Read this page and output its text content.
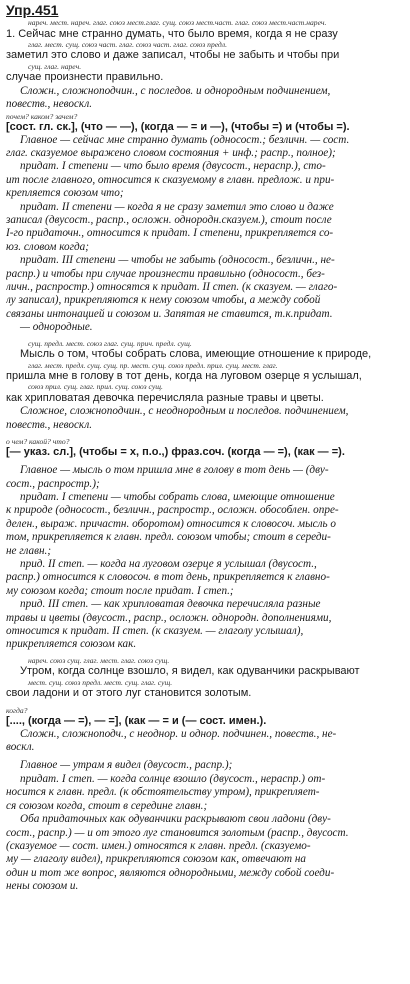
Упр.451
нареч. мест. нареч. глаг. союз мест.глаг. сущ. союз мест.част. глаг. союз мест.част.нареч.
1. Сейчас мне странно думать, что было время, когда я не сразу
глаг. мест. сущ. союз част. глаг. союз част. глаг. союз предл.
заметил это слово и даже записал, чтобы не забыть и чтобы при
сущ. глаг. нареч.
случае произнести правильно.
Сложн., сложноподчин., с последов. и однородным подчинением,
повеств., невоскл.
почем? каком? зачем?
[сост. гл. ск.], (что — —), (когда — = и —), (чтобы =) и (чтобы =).
Главное — сейчас мне странно думать (односост.; безличн. — сост.
глаг. сказуемое выражено словом состояния + инф.; распр., полное);
придат. I степени — что было время (двусост., нераспр.), сто-
ит после главного, относится к сказуемому в главн. предлож. и при-
крепляется союзом что;
придат. II степени — когда я не сразу заметил это слово и даже
записал (двусост., распр., осложн. однородн.сказуем.), стоит после
I-го придаточн., относится к придат. I степени, прикрепляется со-
юз. словом когда;
придат. III степени — чтобы не забыть (односост., безличн., не-
распр.) и чтобы при случае произнести правильно (односост., без-
личн., распростр.) относятся к придат. II степ. (к сказуем. — глаго-
лу записал), прикрепляются к нему союзом чтобы, а между собой
связаны интонацией и союзом и. Запятая не ставится, т.к.придат.
— однородные.
сущ. предл. мест. союз глаг. сущ. прич. предл. сущ.
Мысль о том, чтобы собрать слова, имеющие отношение к природе,
глаг. мест. предл. сущ. сущ. пр. мест. сущ. союз предл. прил. сущ. мест. глаг.
пришла мне в голову в тот день, когда на луговом озерце я услышал,
союз прил. сущ. глаг. прил. сущ. союз сущ.
как хрипловатая девочка перечисляла разные травы и цветы.
Сложное, сложноподчин., с неоднородным и последов. подчинением,
повеств., невоскл.
о чем? какой? что?
[— указ. сл.], (чтобы = x, п.о.,) фраз.соч. (когда — =), (как — =).
Главное — мысль о том пришла мне в голову в тот день — (дву-
сост., распростр.);
придат. I степени — чтобы собрать слова, имеющие отношение
к природе (односост., безличн., распростр., осложн. обособлен. опре-
делен., выраж. причастн. оборотом) относится к словосоч. мысль о
том, прикрепляется к главн. предл. союзом чтобы; стоит в середи-
не главн.;
прид. II степ. — когда на луговом озерце я услышал (двусост.,
распр.) относится к словосоч. в тот день, прикрепляется к главно-
му союзом когда; стоит после придат. I степ.;
прид. III степ. — как хрипловатая девочка перечисляла разные
травы и цветы (двусост., распр., осложн. однородн. дополнениями,
относится к придат. II степ. (к сказуем. — глаголу услышал),
прикрепляется союзом как.
нареч. союз сущ. глаг. мест. глаг. союз сущ.
Утром, когда солнце взошло, я видел, как одуванчики раскрывают
мест. сущ. союз предл. мест. сущ. глаг. сущ.
свои ладони и от этого луг становится золотым.
когда?
[...., (когда — =), — =], (как — = и (— сост. имен.).
Сложн., сложноподч., с неоднор. и однор. подчинен., повеств., не-
воскл.
Главное — утрам я видел (двусост., распр.);
придат. I степ. — когда солнце взошло (двусост., нераспр.) от-
носится к главн. предл. (к обстоятельству утром), прикрепляет-
ся союзом когда, стоит в середине главн.;
Оба придаточных как одуванчики раскрывают свои ладони (дву-
сост., распр.) — и от этого луг становится золотым (распр., двусост.
(сказуемое — сост. имен.) относятся к главн. предл. (сказуемо-
му — глаголу видел), прикрепляются союзом как, отвечают на
один и тот же вопрос, являются однородными, между собой соеди-
нены союзом и.
